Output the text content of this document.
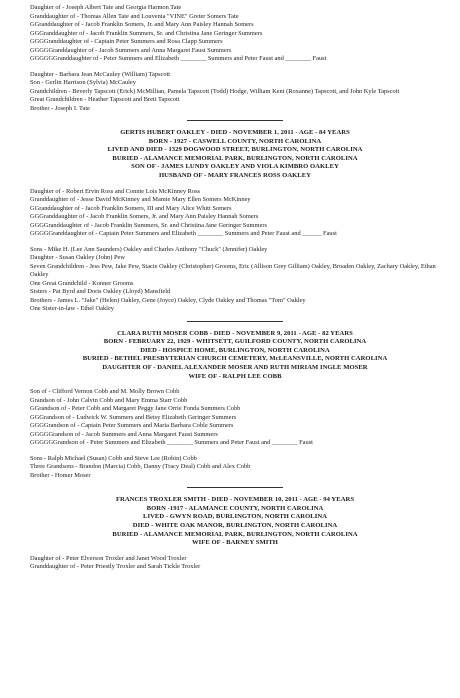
Daughter of - Joseph Albert Tate and Georgia Harmon Tate
Granddaughter of - Thomas Allen Tate and Louvenia "VINE" Greter Somers Tate
GGranddaughter of - Jacob Franklin Somers, Jr. and Mary Ann Paisley Hannah Somers
GGGranddaughter of - Jacob Franklin Summers, Sr. and Christina Jane Geringer Summers
GGGGranddaughter of - Captain Peter Summers and Rosa Clapp Summers
GGGGGranddaughter of - Jacob Summers and Anna Margaret Faust Summers
GGGGGGranddaughter of - Peter Summers and Elizabeth ________ Summers and Peter Faust and ________ Faust
Daughter - Barbara Jean McCauley (William) Tapscott
Son - Gerlin Harrison (Sylvia) McCauley
Grandchildren - Beverly Tapscott (Erick) McMillian, Pamela Tapscott (Todd) Hodge, William Kent (Roxanne) Tapscott, and John Kyle Tapscott
Great Grandchildren - Heather Tapscott and Brett Tapscott
Brother - Joseph I. Tate
GERTIS HUBERT OAKLEY - DIED - NOVEMBER 1, 2011 - AGE - 84 YEARS
BORN - 1927 - CASWELL COUNTY, NORTH CAROLINA
LIVED AND DIED - 1329 DOGWOOD STREET, BURLINGTON, NORTH CAROLINA
BURIED - ALAMANCE MEMORIAL PARK, BURLINGTON, NORTH CAROLINA
SON OF - JAMES LUNDY OAKLEY AND VIOLA KIMBRO OAKLEY
HUSBAND OF - MARY FRANCES ROSS OAKLEY
Daughter of - Robert Ervin Ross and Connie Lois McKinney Ross
Granddaughter of - Jesse David McKinney and Mamie Mary Ellen Somers McKinney
GGranddaughter of - Jacob Franklin Somers, III and Mary Alice Whitt Somers
GGGranddaughter of - Jacob Franklin Somers, Jr. and Mary Ann Paisley Hannah Somers
GGGGranddaughter of - Jacob Franklin Summers, Sr. and Christina Jane Geringer Summers
GGGGGranddaughter of - Captain Peter Summers and Elizabeth ________ Summers and Peter Faust and ______ Faust
Sons - Mike H. (Lee Ann Saunders) Oakley and Charles Anthony "Chuck" (Jennifer) Oakley
Daughter - Susan Oakley (John) Pew
Seven Grandchildren - Jess Pew, Jake Pew, Stacie Oakley (Christopher) Grooms, Eric (Allison Grey Gilliam) Oakley, Broaden Oakley, Zachary Oakley, Ethan Oakley
One Great Grandchild - Konner Grooms
Sisters - Pat Byrd and Doris Oakley (Lloyd) Mansfield
Brothers - James L. "Jake" (Helen) Oakley, Gene (Joyce) Oakley, Clyde Oakley and Thomas "Tom" Oakley
One Sister-in-law - Ethel Oakley
CLARA RUTH MOSER COBB - DIED - NOVEMBER 9, 2011 - AGE - 82 YEARS
BORN - FEBRUARY 22, 1929 - WHITSETT, GUILFORD COUNTY, NORTH CAROLINA
DIED - HOSPICE HOME, BURLINGTON, NORTH CAROLINA
BURIED - BETHEL PRESBYTERIAN CHURCH CEMETERY, McLEANSVILLE, NORTH CAROLINA
DAUGHTER OF - DANIEL ALEXANDER MOSER AND RUTH MIRIAM INGLE MOSER
WIFE OF - RALPH LEE COBB
Son of - Clifford Vernon Cobb and M. Molly Brown Cobb
Grandson of - John Calvin Cobb and Mary Emma Starr Cobb
GGrandson of - Peter Cobb and Margaret Peggy Jane Orrie Fonda Summers Cobb
GGGrandson of - Ludwick W. Summers and Betsy Elizabeth Geringer Summers
GGGGrandson of - Captain Peter Summers and Maria Barbara Coble Summers
GGGGGrandson of - Jacob Summers and Anna Margaret Faust Summers
GGGGGGrandson of - Peter Summers and Elizabeth ________ Summers and Peter Faust and ________ Faust
Sons - Ralph Michael (Susan) Cobb and Steve Lee (Robin) Cobb
Three Grandsons - Brandon (Marcia) Cobb, Danny (Tracy Deal) Cobb and Alex Cobb
Brother - Homer Moser
FRANCES TROXLER SMITH - DIED - NOVEMBER 10, 2011 - AGE - 94 YEARS
BORN -1917 - ALAMANCE COUNTY, NORTH CAROLINA
LIVED - GWYN ROAD, BURLINGTON, NORTH CAROLINA
DIED - WHITE OAK MANOR, BURLINGTON, NORTH CAROLINA
BURIED - ALAMANCE MEMORIAL PARK, BURLINGTON, NORTH CAROLINA
WIFE OF - BARNEY SMITH
Daughter of - Peter Elverson Troxler and Janet Wood Troxler
Granddaughter of - Peter Priestly Troxler and Sarah Tickle Troxler
